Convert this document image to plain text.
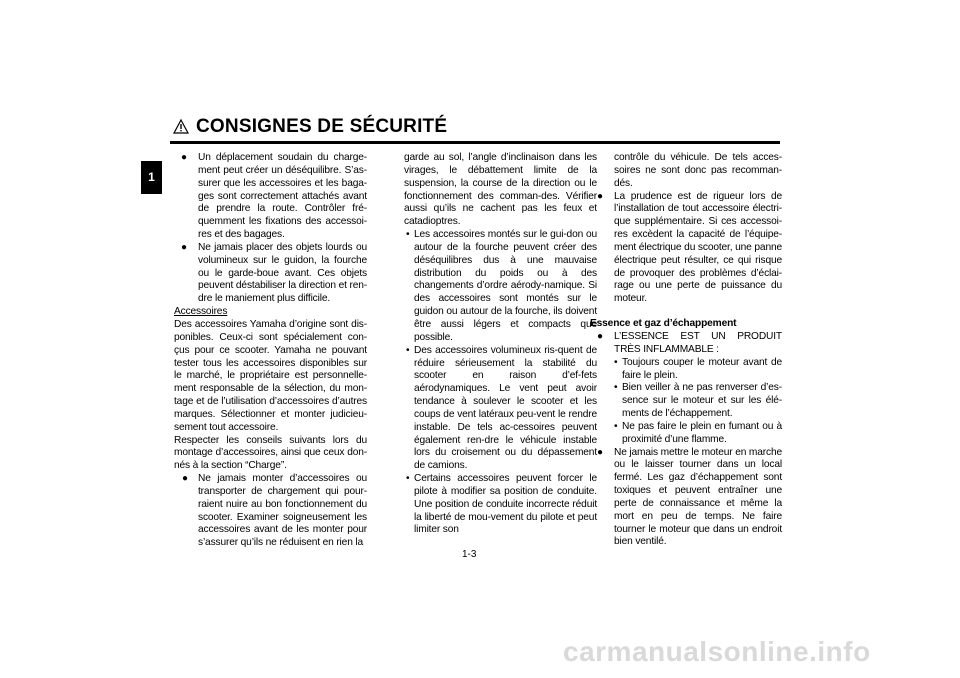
CONSIGNES DE SÉCURITÉ
1
● Un déplacement soudain du charge-ment peut créer un déséquilibre. S’as-surer que les accessoires et les baga-ges sont correctement attachés avant de prendre la route. Contrôler fré-quemment les fixations des accessoi-res et des bagages.
● Ne jamais placer des objets lourds ou volumineux sur le guidon, la fourche ou le garde-boue avant. Ces objets peuvent déstabiliser la direction et ren-dre le maniement plus difficile.
Accessoires
Des accessoires Yamaha d’origine sont dis-ponibles. Ceux-ci sont spécialement con-çus pour ce scooter. Yamaha ne pouvant tester tous les accessoires disponibles sur le marché, le propriétaire est personnelle-ment responsable de la sélection, du mon-tage et de l’utilisation d’accessoires d’autres marques. Sélectionner et monter judicieu-sement tout accessoire.
Respecter les conseils suivants lors du montage d’accessoires, ainsi que ceux don-nés à la section “Charge”.
● Ne jamais monter d’accessoires ou transporter de chargement qui pour-raient nuire au bon fonctionnement du scooter. Examiner soigneusement les accessoires avant de les monter pour s’assurer qu’ils ne réduisent en rien la
garde au sol, l’angle d’inclinaison dans les virages, le débattement limite de la suspension, la course de la direction ou le fonctionnement des comman-des. Vérifier aussi qu’ils ne cachent pas les feux et catadioptres.
• Les accessoires montés sur le gui-don ou autour de la fourche peuvent créer des déséquilibres dus à une mauvaise distribution du poids ou à des changements d’ordre aérody-namique. Si des accessoires sont montés sur le guidon ou autour de la fourche, ils doivent être aussi légers et compacts que possible.
• Des accessoires volumineux ris-quent de réduire sérieusement la stabilité du scooter en raison d’ef-fets aérodynamiques. Le vent peut avoir tendance à soulever le scooter et les coups de vent latéraux peu-vent le rendre instable. De tels ac-cessoires peuvent également ren-dre le véhicule instable lors du croisement ou du dépassement de camions.
• Certains accessoires peuvent forcer le pilote à modifier sa position de conduite. Une position de conduite incorrecte réduit la liberté de mou-vement du pilote et peut limiter son
contrôle du véhicule. De tels acces-soires ne sont donc pas recomman-dés.
● La prudence est de rigueur lors de l’installation de tout accessoire électri-que supplémentaire. Si ces accessoi-res excèdent la capacité de l’équipe-ment électrique du scooter, une panne électrique peut résulter, ce qui risque de provoquer des problèmes d’éclai-rage ou une perte de puissance du moteur.
Essence et gaz d’échappement
● L’ESSENCE EST UN PRODUIT TRÈS INFLAMMABLE :
• Toujours couper le moteur avant de faire le plein.
• Bien veiller à ne pas renverser d’es-sence sur le moteur et sur les élé-ments de l’échappement.
• Ne pas faire le plein en fumant ou à proximité d’une flamme.
● Ne jamais mettre le moteur en marche ou le laisser tourner dans un local fermé. Les gaz d’échappement sont toxiques et peuvent entraîner une perte de connaissance et même la mort en peu de temps. Ne faire tourner le moteur que dans un endroit bien ventilé.
1-3
carmanualsonline.info
